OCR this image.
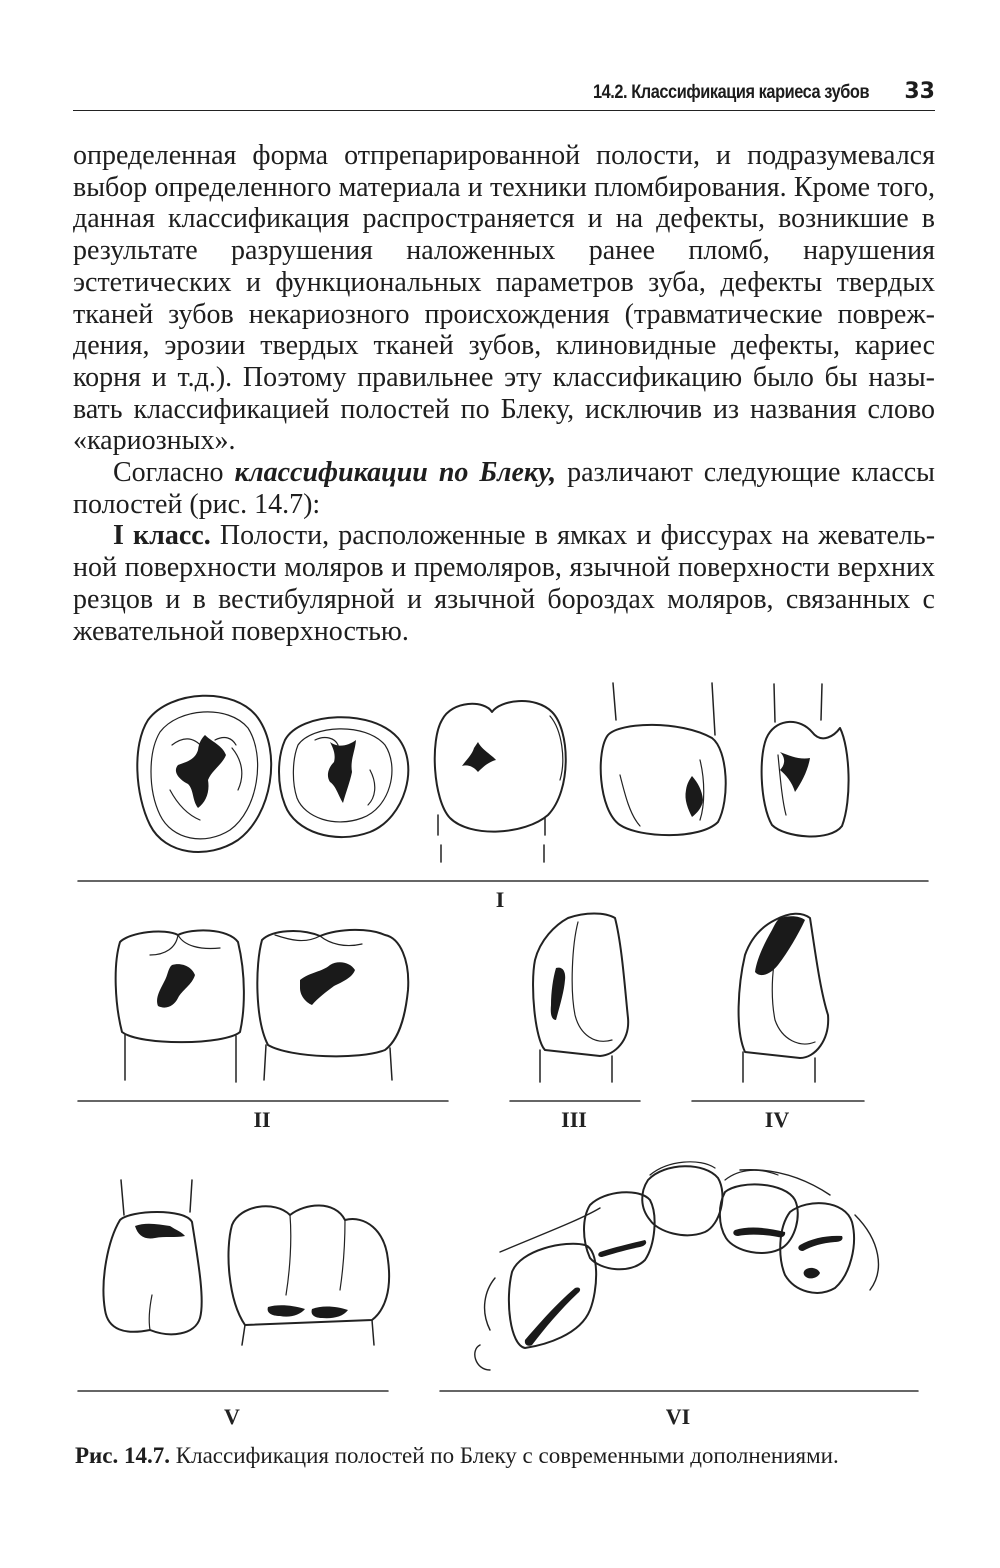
14.2. Классификация кариеса зубов 33

определенная форма отпрепарированной полости, и подразумевался выбор определенного материала и техники пломбирования. Кроме того, данная классификация распространяется и на дефекты, возникшие в результате разрушения наложенных ранее пломб, нарушения эстетических и функциональных параметров зуба, дефекты твердых тканей зубов некариозного происхождения (травматические повреждения, эрозии твердых тканей зубов, клиновидные дефекты, кариес корня и т.д.). Поэтому правильнее эту классификацию было бы называть классификацией полостей по Блеку, исключив из названия слово «кариозных».

Согласно классификации по Блеку, различают следующие классы полостей (рис. 14.7):

I класс. Полости, расположенные в ямках и фиссурах на жевательной поверхности моляров и премоляров, язычной поверхности верхних резцов и в вестибулярной и язычной бороздах моляров, связанных с жевательной поверхностью.

I
II	III	IV
V	VI
Рис. 14.7. Классификация полостей по Блеку с современными дополнениями.
